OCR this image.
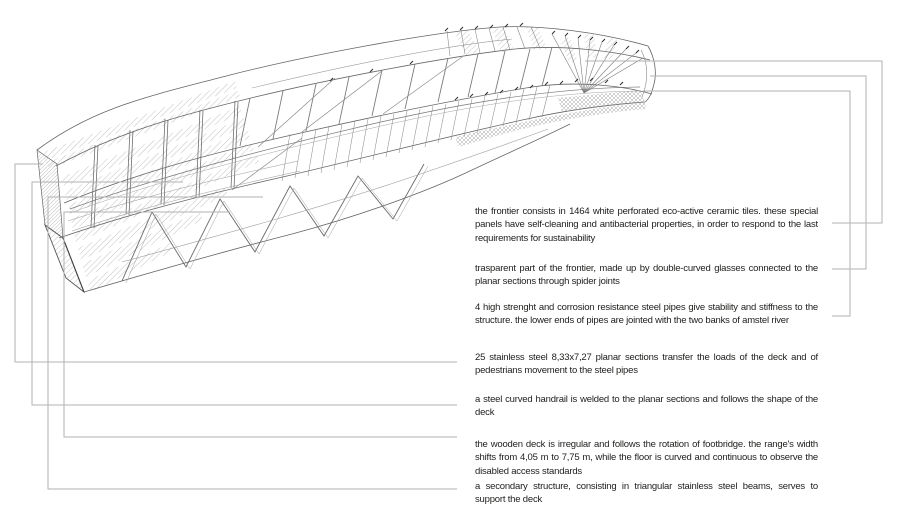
the frontier consists in 1464 white perforated eco-active ceramic tiles. these special panels have self-cleaning and antibacterial properties, in order to respond to the last requirements for sustainability

trasparent part of the frontier, made up by double-curved glasses connected to the planar sections through spider joints

4 high strenght and corrosion resistance steel pipes give stability and stiffness to the structure. the lower ends of pipes are jointed with the two banks of amstel river

25 stainless steel 8,33x7,27 planar sections transfer the loads of the deck and of pedestrians movement to the steel pipes

a steel curved handrail is welded to the planar sections and follows the shape of the deck

the wooden deck is irregular and follows the rotation of footbridge. the range's width shifts from 4,05 m to 7,75 m, while the floor is curved and continuous to observe the disabled access standards

a secondary structure, consisting in triangular stainless steel beams, serves to support the deck
